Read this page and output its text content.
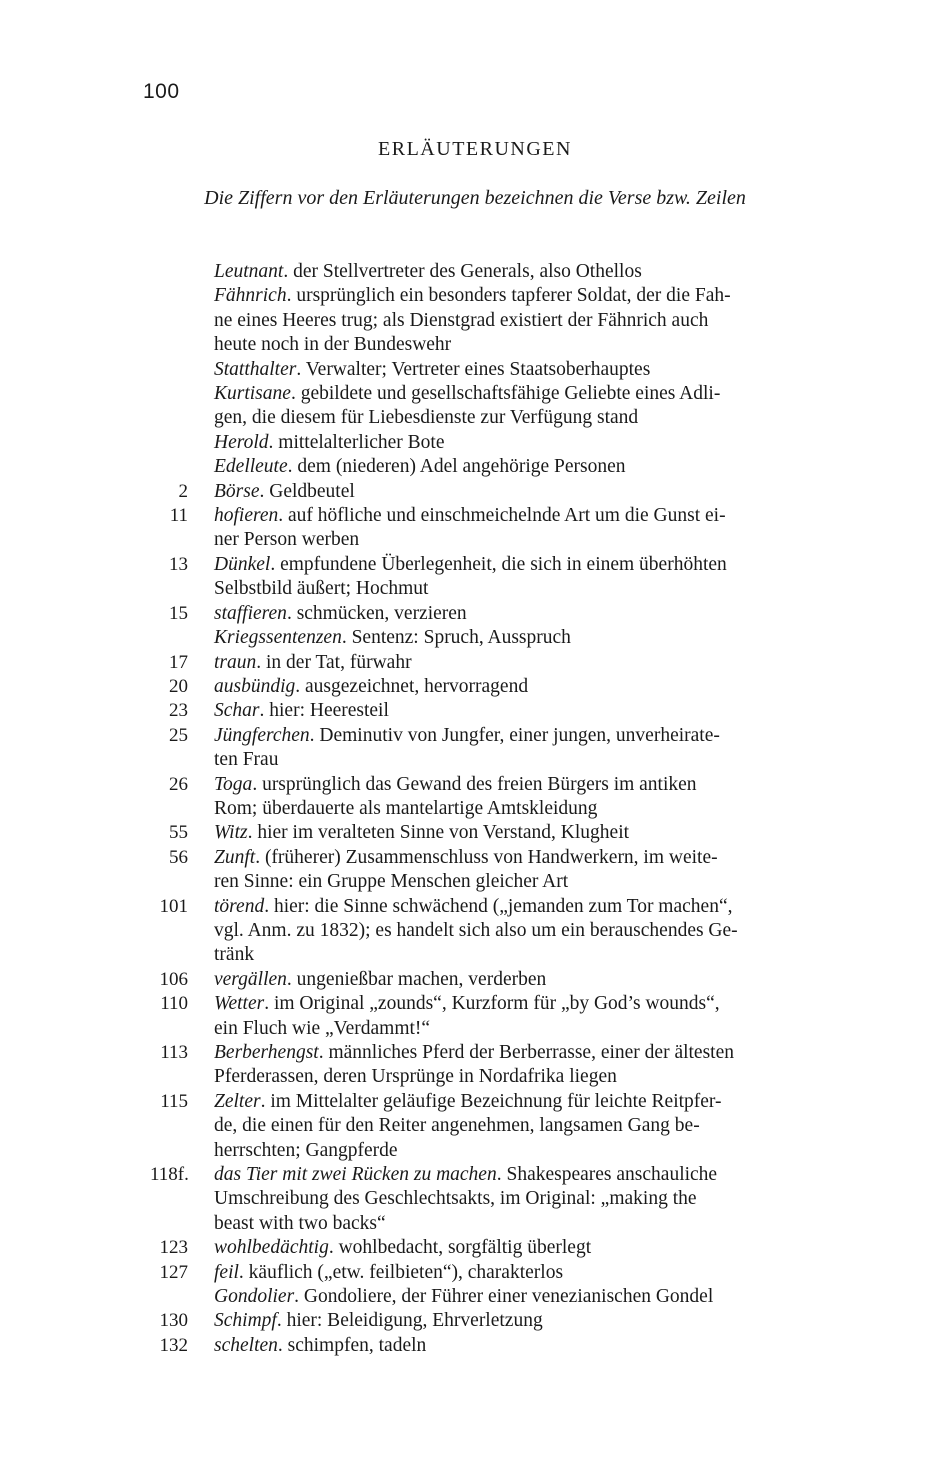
100
ERLÄUTERUNGEN
Die Ziffern vor den Erläuterungen bezeichnen die Verse bzw. Zeilen
Leutnant. der Stellvertreter des Generals, also Othellos
Fähnrich. ursprünglich ein besonders tapferer Soldat, der die Fah-
ne eines Heeres trug; als Dienstgrad existiert der Fähnrich auch
heute noch in der Bundeswehr
Statthalter. Verwalter; Vertreter eines Staatsoberhauptes
Kurtisane. gebildete und gesellschaftsfähige Geliebte eines Adli-
gen, die diesem für Liebesdienste zur Verfügung stand
Herold. mittelalterlicher Bote
Edelleute. dem (niederen) Adel angehörige Personen
2 Börse. Geldbeutel
11 hofieren. auf höfliche und einschmeichelnde Art um die Gunst ei-
ner Person werben
13 Dünkel. empfundene Überlegenheit, die sich in einem überhöhten
Selbstbild äußert; Hochmut
15 staffieren. schmücken, verzieren
Kriegssentenzen. Sentenz: Spruch, Ausspruch
17 traun. in der Tat, fürwahr
20 ausbündig. ausgezeichnet, hervorragend
23 Schar. hier: Heeresteil
25 Jüngferchen. Deminutiv von Jungfer, einer jungen, unverheirate-
ten Frau
26 Toga. ursprünglich das Gewand des freien Bürgers im antiken
Rom; überdauerte als mantelartige Amtskleidung
55 Witz. hier im veralteten Sinne von Verstand, Klugheit
56 Zunft. (früherer) Zusammenschluss von Handwerkern, im weite-
ren Sinne: ein Gruppe Menschen gleicher Art
101 törend. hier: die Sinne schwächend („jemanden zum Tor machen“,
vgl. Anm. zu 1832); es handelt sich also um ein berauschendes Ge-
tränk
106 vergällen. ungenießbar machen, verderben
110 Wetter. im Original „zounds“, Kurzform für „by God’s wounds“,
ein Fluch wie „Verdammt!“
113 Berberhengst. männliches Pferd der Berberrasse, einer der ältesten
Pferderassen, deren Ursprünge in Nordafrika liegen
115 Zelter. im Mittelalter geläufige Bezeichnung für leichte Reitpfer-
de, die einen für den Reiter angenehmen, langsamen Gang be-
herrschten; Gangpferde
118f. das Tier mit zwei Rücken zu machen. Shakespeares anschauliche
Umschreibung des Geschlechtsakts, im Original: „making the
beast with two backs“
123 wohlbedächtig. wohlbedacht, sorgfältig überlegt
127 feil. käuflich („etw. feilbieten“), charakterlos
Gondolier. Gondoliere, der Führer einer venezianischen Gondel
130 Schimpf. hier: Beleidigung, Ehrverletzung
132 schelten. schimpfen, tadeln
